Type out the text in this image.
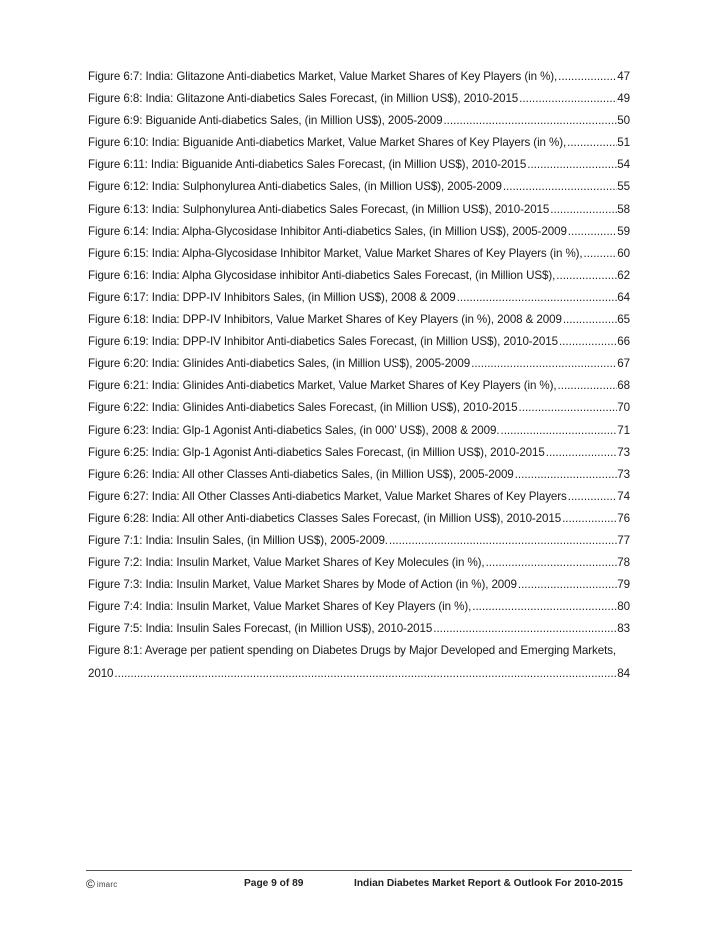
Figure 6:7: India: Glitazone Anti-diabetics Market, Value Market Shares of Key Players (in %), .....	47
Figure 6:8: India: Glitazone Anti-diabetics Sales Forecast, (in Million US$), 2010-2015 .....	49
Figure 6:9: Biguanide Anti-diabetics Sales, (in Million US$), 2005-2009 .....	50
Figure 6:10: India: Biguanide Anti-diabetics Market, Value Market Shares of Key Players (in %), .....	51
Figure 6:11: India: Biguanide Anti-diabetics Sales Forecast, (in Million US$), 2010-2015 .....	54
Figure 6:12: India: Sulphonylurea Anti-diabetics Sales, (in Million US$), 2005-2009 .....	55
Figure 6:13: India: Sulphonylurea Anti-diabetics Sales Forecast, (in Million US$), 2010-2015 .....	58
Figure 6:14: India: Alpha-Glycosidase Inhibitor Anti-diabetics Sales, (in Million US$), 2005-2009 .....	59
Figure 6:15: India: Alpha-Glycosidase Inhibitor Market, Value Market Shares of Key Players (in %), .....	60
Figure 6:16: India: Alpha Glycosidase inhibitor Anti-diabetics Sales Forecast, (in Million US$), .....	62
Figure 6:17: India: DPP-IV Inhibitors Sales, (in Million US$), 2008 & 2009 .....	64
Figure 6:18: India: DPP-IV Inhibitors, Value Market Shares of Key Players (in %), 2008 & 2009 .....	65
Figure 6:19: India: DPP-IV Inhibitor Anti-diabetics Sales Forecast, (in Million US$), 2010-2015 .....	66
Figure 6:20: India: Glinides Anti-diabetics Sales, (in Million US$), 2005-2009 .....	67
Figure 6:21: India: Glinides Anti-diabetics Market, Value Market Shares of Key Players (in %), .....	68
Figure 6:22: India: Glinides Anti-diabetics Sales Forecast, (in Million US$), 2010-2015 .....	70
Figure 6:23: India: Glp-1 Agonist Anti-diabetics Sales, (in 000’ US$), 2008 & 2009. .....	71
Figure 6:25: India: Glp-1 Agonist Anti-diabetics Sales Forecast, (in Million US$), 2010-2015 .....	73
Figure 6:26: India: All other Classes Anti-diabetics Sales, (in Million US$), 2005-2009 .....	73
Figure 6:27: India: All Other Classes Anti-diabetics Market, Value Market Shares of Key Players .....	74
Figure 6:28: India: All other Anti-diabetics Classes Sales Forecast, (in Million US$), 2010-2015 .....	76
Figure 7:1: India: Insulin Sales, (in Million US$), 2005-2009. .....	77
Figure 7:2: India: Insulin Market, Value Market Shares of Key Molecules (in %), .....	78
Figure 7:3: India: Insulin Market, Value Market Shares by Mode of Action (in %), 2009 .....	79
Figure 7:4: India: Insulin Market, Value Market Shares of Key Players (in %), .....	80
Figure 7:5: India: Insulin Sales Forecast, (in Million US$), 2010-2015 .....	83
Figure 8:1: Average per patient spending on Diabetes Drugs by Major Developed and Emerging Markets,
2010 .....	84
© imarc	Page 9 of 89	Indian Diabetes Market Report & Outlook For 2010-2015
